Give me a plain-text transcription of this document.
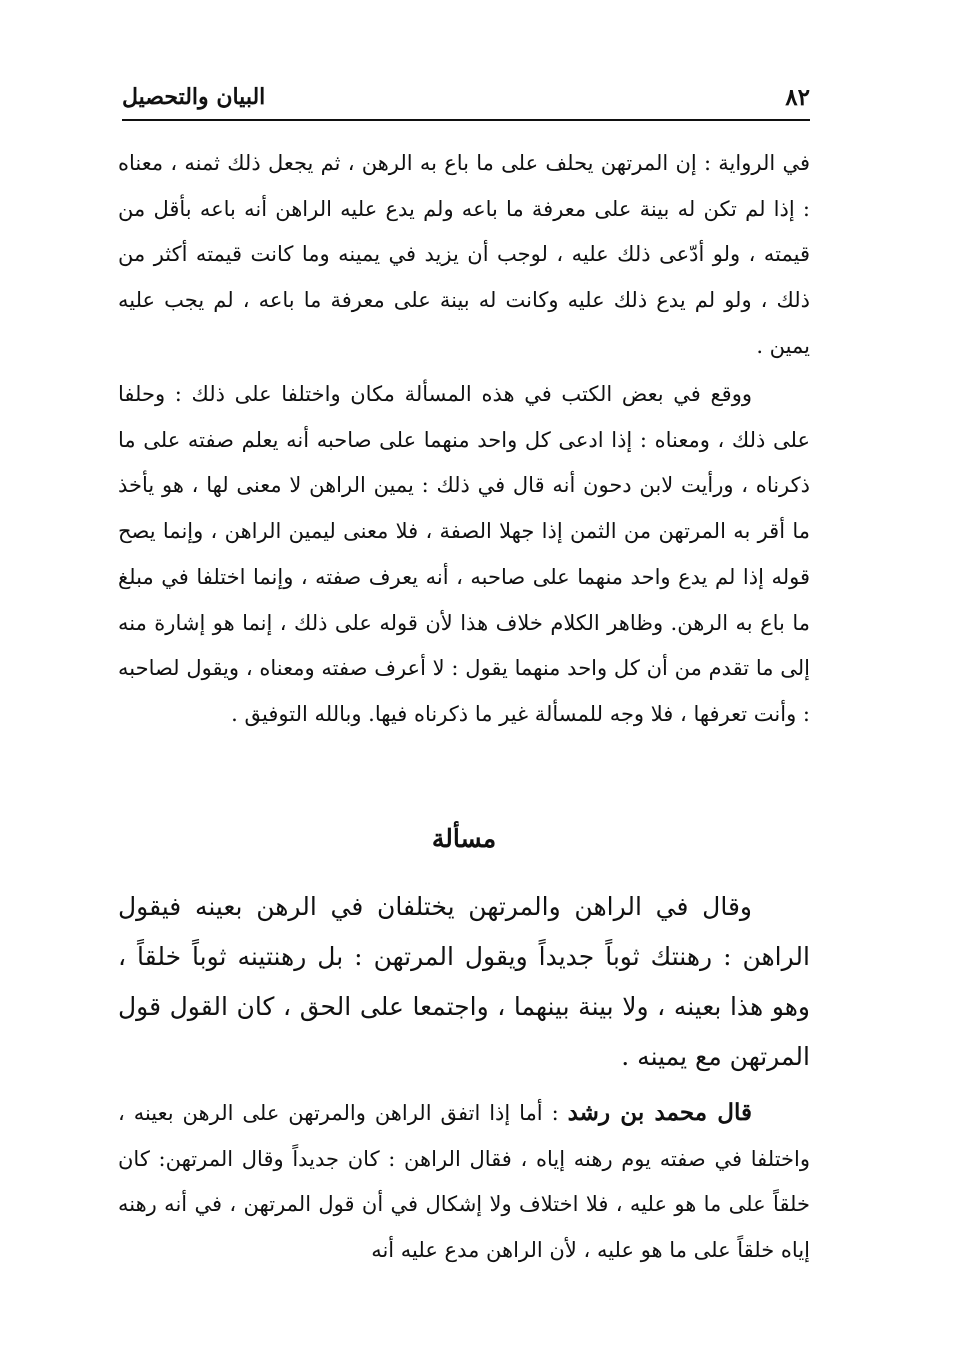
٨٢
البيان والتحصيل
في الرواية : إن المرتهن يحلف على ما باع به الرهن ، ثم يجعل ذلك ثمنه ، معناه : إذا لم تكن له بينة على معرفة ما باعه ولم يدع عليه الراهن أنه باعه بأقل من قيمته ، ولو أدّعى ذلك عليه ، لوجب أن يزيد في يمينه وما كانت قيمته أكثر من ذلك ، ولو لم يدع ذلك عليه وكانت له بينة على معرفة ما باعه ، لم يجب عليه يمين .
ووقع في بعض الكتب في هذه المسألة مكان واختلفا على ذلك : وحلفا على ذلك ، ومعناه : إذا ادعى كل واحد منهما على صاحبه أنه يعلم صفته على ما ذكرناه ، ورأيت لابن دحون أنه قال في ذلك : يمين الراهن لا معنى لها ، هو يأخذ ما أقر به المرتهن من الثمن إذا جهلا الصفة ، فلا معنى ليمين الراهن ، وإنما يصح قوله إذا لم يدع واحد منهما على صاحبه ، أنه يعرف صفته ، وإنما اختلفا في مبلغ ما باع به الرهن. وظاهر الكلام خلاف هذا لأن قوله على ذلك ، إنما هو إشارة منه إلى ما تقدم من أن كل واحد منهما يقول : لا أعرف صفته ومعناه ، ويقول لصاحبه : وأنت تعرفها ، فلا وجه للمسألة غير ما ذكرناه فيها. وبالله التوفيق .
مسألة
وقال في الراهن والمرتهن يختلفان في الرهن بعينه فيقول الراهن : رهنتك ثوباً جديداً ويقول المرتهن : بل رهنتينه ثوباً خلقاً ، وهو هذا بعينه ، ولا بينة بينهما ، واجتمعا على الحق ، كان القول قول المرتهن مع يمينه .
قال محمد بن رشد : أما إذا اتفق الراهن والمرتهن على الرهن بعينه ، واختلفا في صفته يوم رهنه إياه ، فقال الراهن : كان جديداً وقال المرتهن: كان خلقاً على ما هو عليه ، فلا اختلاف ولا إشكال في أن قول المرتهن ، في أنه رهنه إياه خلقاً على ما هو عليه ، لأن الراهن مدع عليه أنه
